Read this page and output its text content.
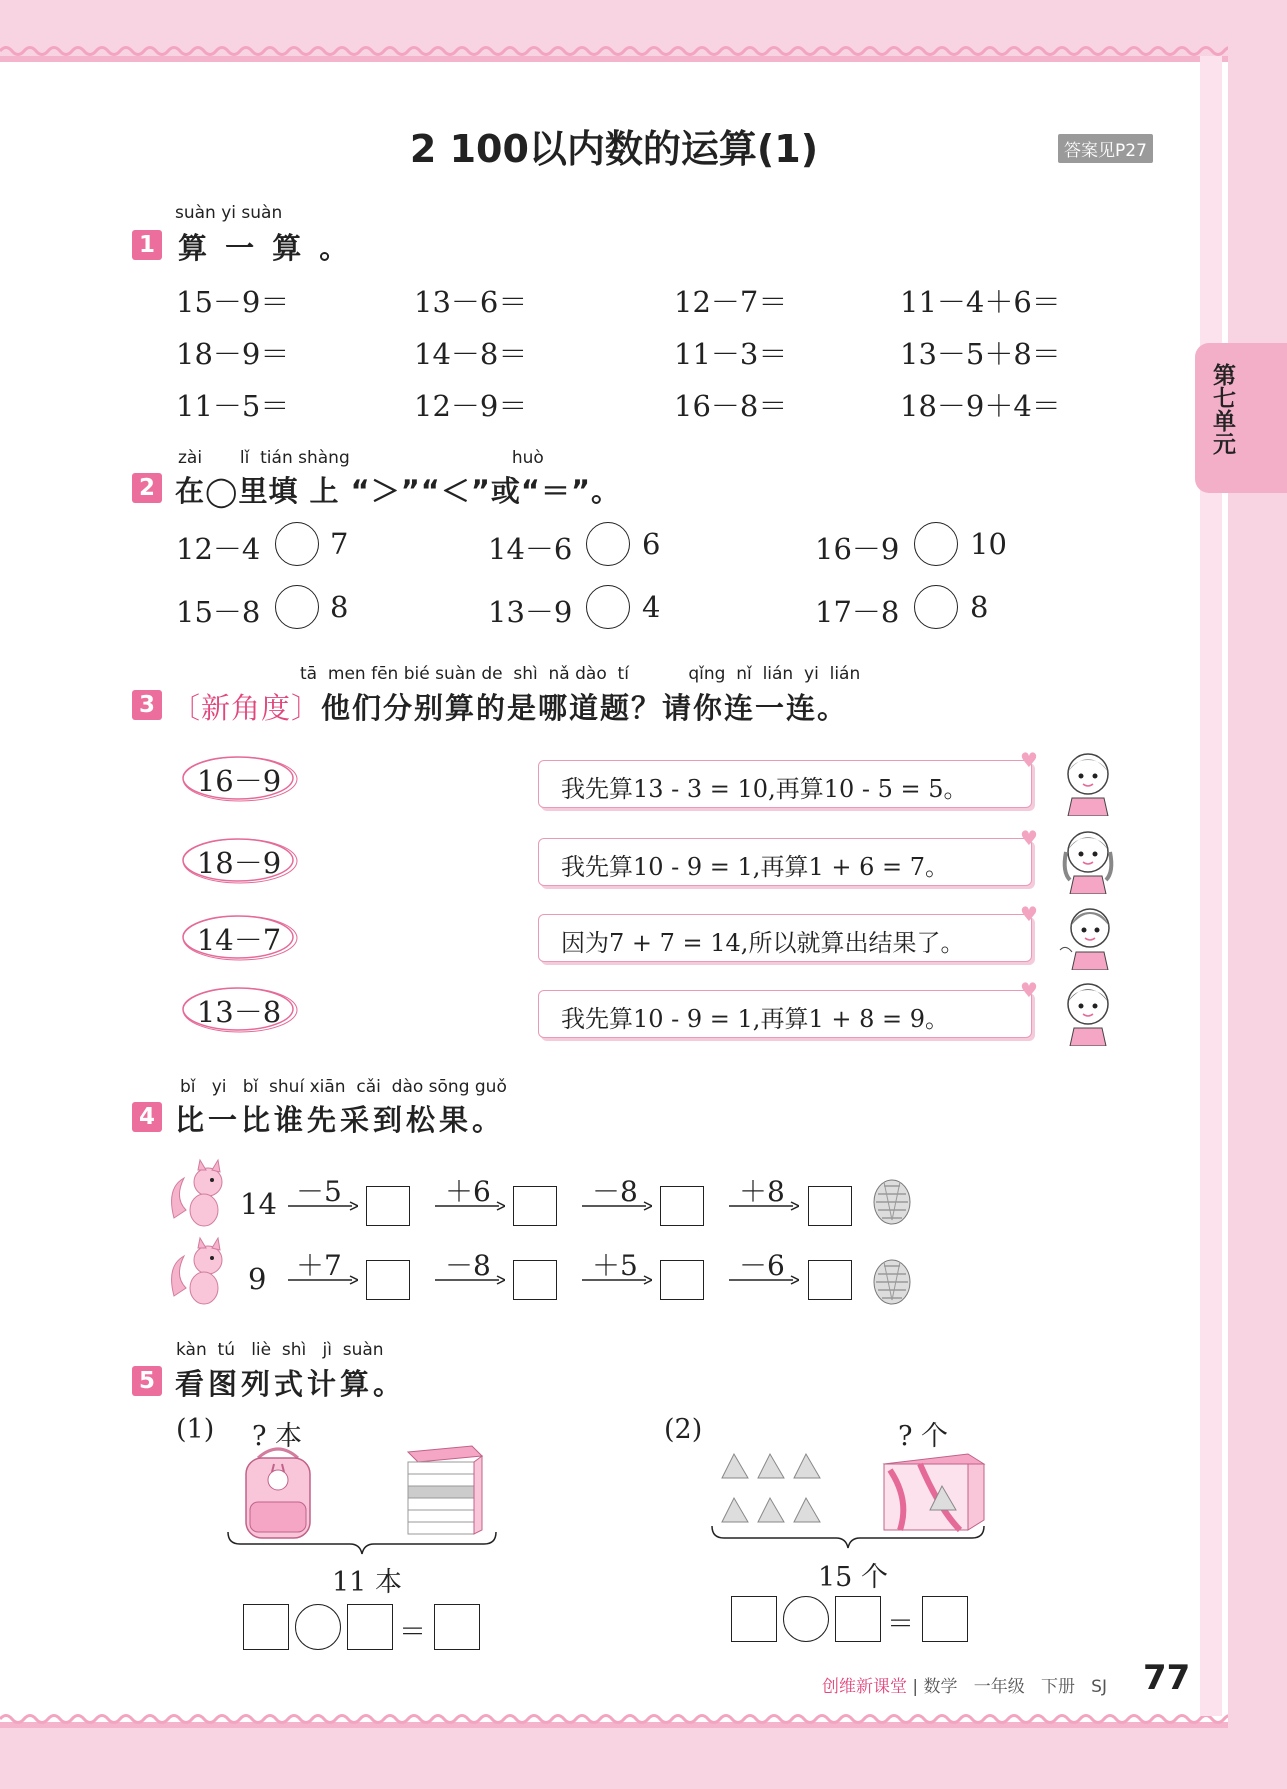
2 100以内数的运算(1)	答案见P27
第七单元
suàn yi suàn
1 算 一 算 。
15－9＝	13－6＝	12－7＝	11－4＋6＝
18－9＝	14－8＝	11－3＝	13－5＋8＝
11－5＝	12－9＝	16－8＝	18－9＋4＝
zài       lǐ  tián shàng                              huò
2 在◯里填 上 “＞”“＜”或“＝”。
12－4 7	14－6 6	16－9 10
15－8 8	13－9 4	17－8 8
tā  men fēn bié suàn de  shì  nǎ dào  tí           qǐng  nǐ  lián  yi  lián
3 〔新角度〕他们分别算的是哪道题？请你连一连。
16－9
18－9
14－7
13－8
我先算13 - 3 = 10,再算10 - 5 = 5。
我先算10 - 9 = 1,再算1 + 6 = 7。
因为7 + 7 = 14,所以就算出结果了。
我先算10 - 9 = 1,再算1 + 8 = 9。
♥
♥
♥
♥
bǐ   yi   bǐ  shuí xiān  cǎi  dào sōng guǒ
4 比一比谁先采到松果。
14 －5	＋6	－8	＋8
9 ＋7	－8	＋5	－6
kàn  tú   liè  shì   jì  suàn
5 看图列式计算。
(1) ? 本
11 本
＝
(2)	? 个
15 个
＝
创维新课堂 | 数学   一年级   下册   SJ 77
